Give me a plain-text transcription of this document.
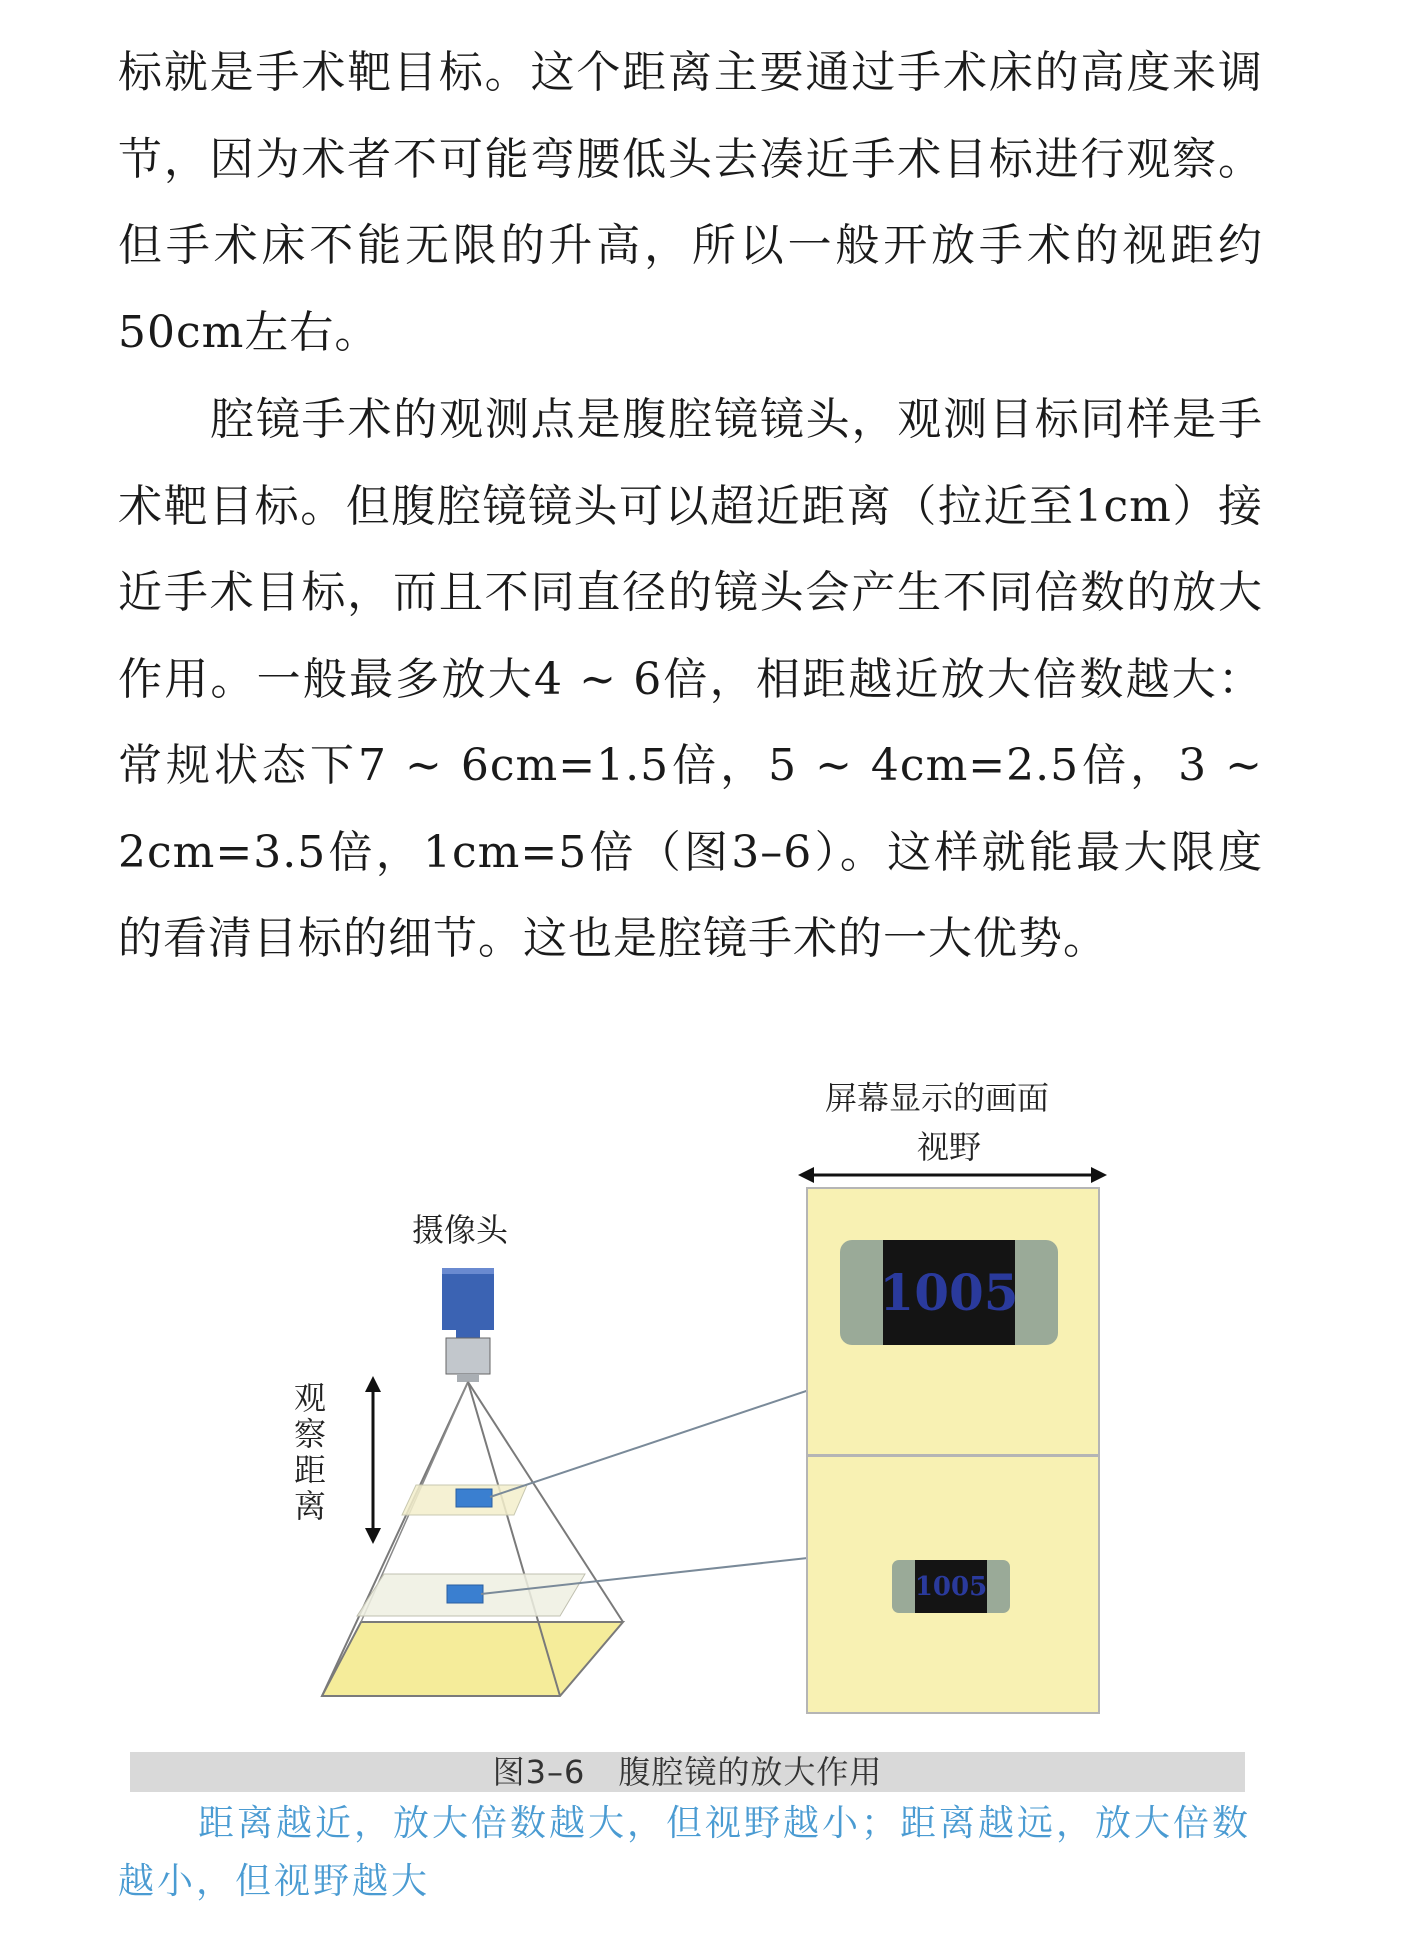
标就是手术靶目标。这个距离主要通过手术床的高度来调节，因为术者不可能弯腰低头去凑近手术目标进行观察。但手术床不能无限的升高，所以一般开放手术的视距约50cm左右。

腔镜手术的观测点是腹腔镜镜头，观测目标同样是手术靶目标。但腹腔镜镜头可以超近距离（拉近至1cm）接近手术目标，而且不同直径的镜头会产生不同倍数的放大作用。一般最多放大4 ~ 6倍，相距越近放大倍数越大：常规状态下7 ~ 6cm=1.5倍，5 ~ 4cm=2.5倍，3 ~ 2cm=3.5倍，1cm=5倍（图3–6）。这样就能最大限度的看清目标的细节。这也是腔镜手术的一大优势。

屏幕显示的画面
视野
摄像头
观察距离
1005
1005
图3–6　腹腔镜的放大作用

距离越近，放大倍数越大，但视野越小；距离越远，放大倍数越小，但视野越大
